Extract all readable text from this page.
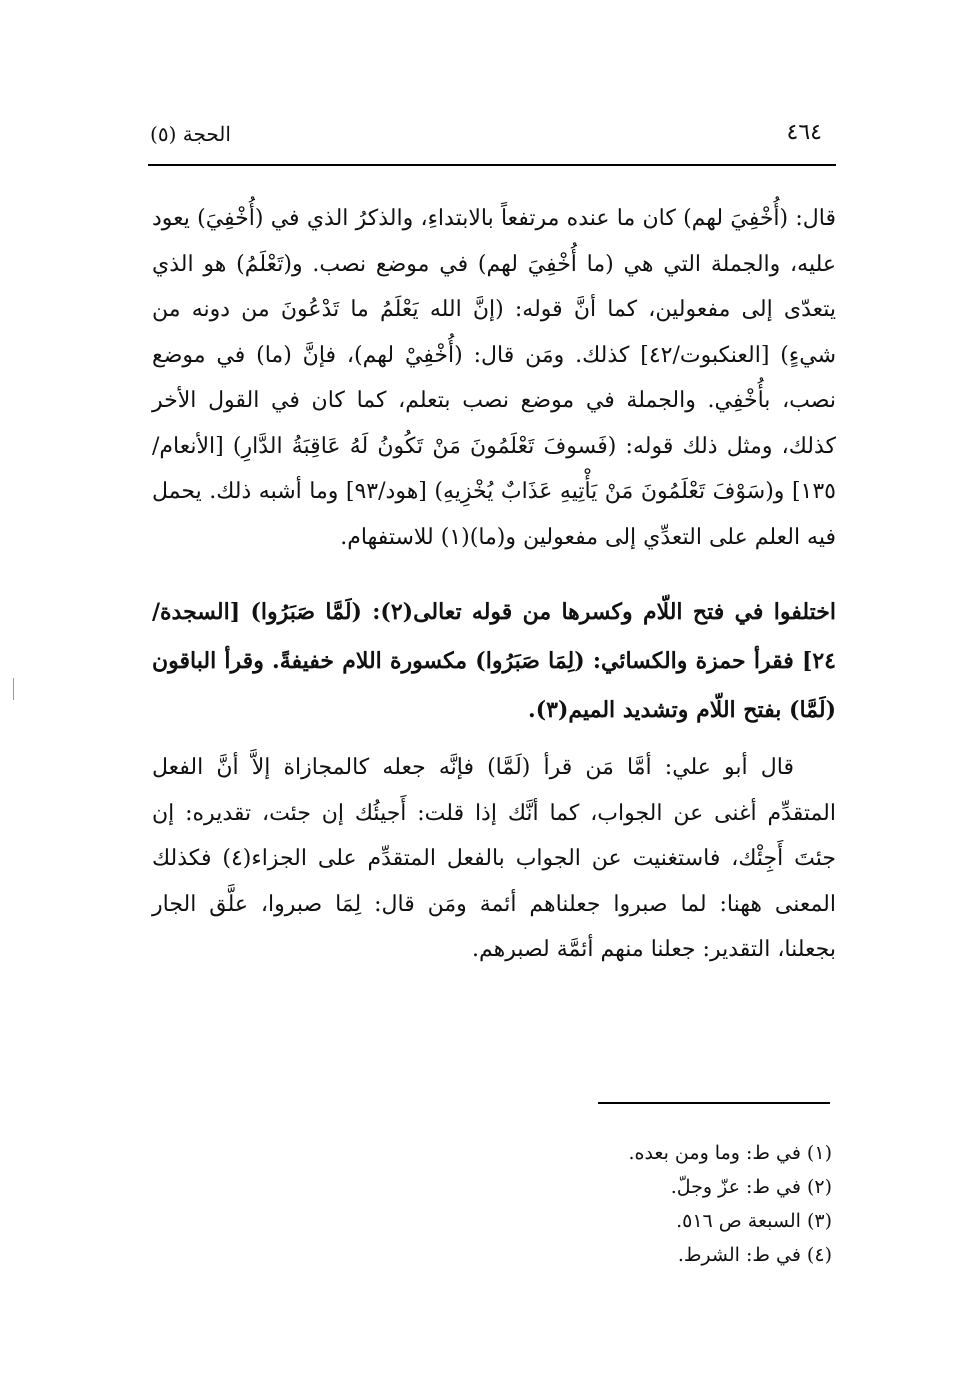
٤٦٤
الحجة (٥)

قال: (أُخْفِيَ لهم) كان ما عنده مرتفعاً بالابتداءِ، والذكرُ الذي في (أُخْفِيَ) يعود عليه، والجملة التي هي (ما أُخْفِيَ لهم) في موضع نصب. و(تَعْلَمُ) هو الذي يتعدّى إلى مفعولين، كما أنَّ قوله: (إنَّ الله يَعْلَمُ ما تَدْعُونَ من دونه من شيءٍ) [العنكبوت/٤٢] كذلك. ومَن قال: (أُخْفِيْ لهم)، فإنَّ (ما) في موضع نصب، بأُخْفِي. والجملة في موضع نصب بتعلم، كما كان في القول الأخر كذلك، ومثل ذلك قوله: (فَسوفَ تَعْلَمُونَ مَنْ تَكُونُ لَهُ عَاقِبَةُ الدَّارِ) [الأنعام/١٣٥] و(سَوْفَ تَعْلَمُونَ مَنْ يَأْتِيهِ عَذَابٌ يُخْزِيهِ) [هود/٩٣] وما أشبه ذلك. يحمل فيه العلم على التعدِّي إلى مفعولين و(ما)(١) للاستفهام.

اختلفوا في فتح اللّام وكسرها من قوله تعالى(٢): (لَمَّا صَبَرُوا) [السجدة/٢٤] فقرأ حمزة والكسائي: (لِمَا صَبَرُوا) مكسورة اللام خفيفةً. وقرأ الباقون (لَمَّا) بفتح اللّام وتشديد الميم(٣).

قال أبو علي: أمَّا مَن قرأ (لَمَّا) فإنَّه جعله كالمجازاة إلاَّ أنَّ الفعل المتقدِّم أغنى عن الجواب، كما أنَّك إذا قلت: أَجيئُك إن جئت، تقديره: إن جئتَ أَجِئْك، فاستغنيت عن الجواب بالفعل المتقدِّم على الجزاء(٤) فكذلك المعنى ههنا: لما صبروا جعلناهم أئمة ومَن قال: لِمَا صبروا، علَّق الجار بجعلنا، التقدير: جعلنا منهم أئمَّة لصبرهم.

(١) في ط: وما ومن بعده.

(٢) في ط: عزّ وجلّ.

(٣) السبعة ص ٥١٦.

(٤) في ط: الشرط.
